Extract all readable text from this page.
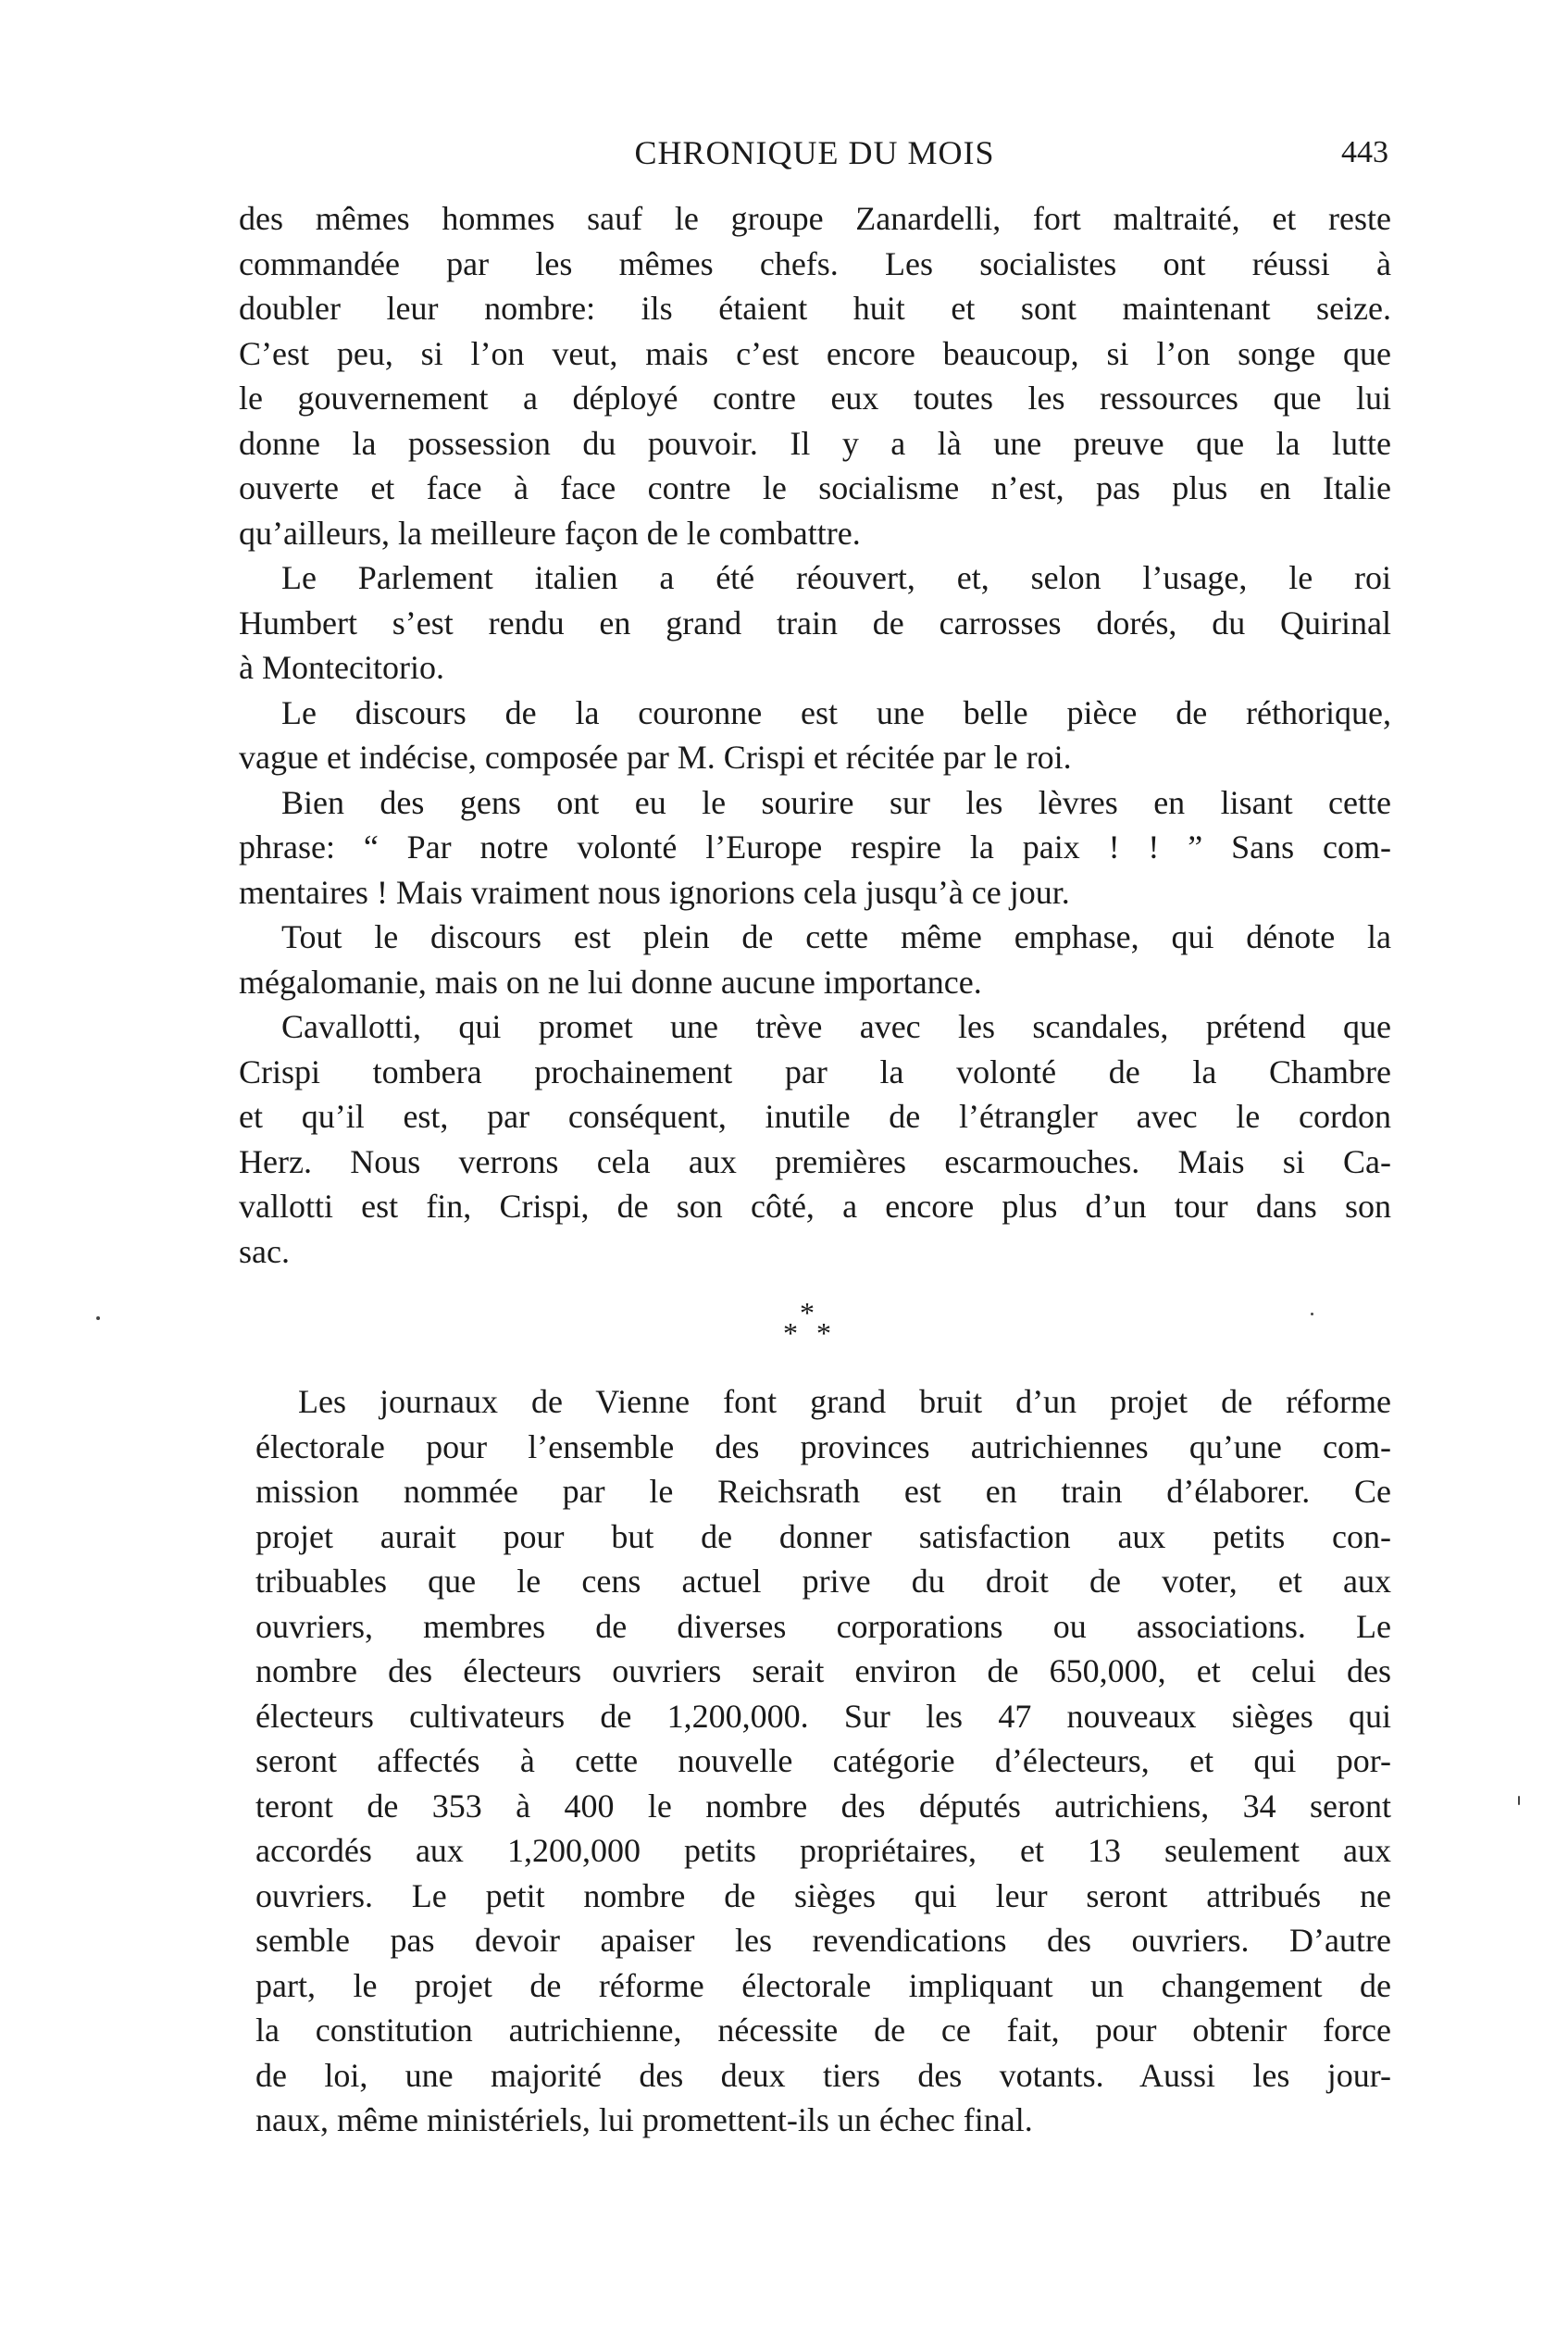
CHRONIQUE DU MOIS	443
des mêmes hommes sauf le groupe Zanardelli, fort maltraité, et reste
commandée par les mêmes chefs. Les socialistes ont réussi à
doubler leur nombre: ils étaient huit et sont maintenant seize.
C’est peu, si l’on veut, mais c’est encore beaucoup, si l’on songe que
le gouvernement a déployé contre eux toutes les ressources que lui
donne la possession du pouvoir. Il y a là une preuve que la lutte
ouverte et face à face contre le socialisme n’est, pas plus en Italie
qu’ailleurs, la meilleure façon de le combattre.
Le Parlement italien a été réouvert, et, selon l’usage, le roi
Humbert s’est rendu en grand train de carrosses dorés, du Quirinal
à Montecitorio.
Le discours de la couronne est une belle pièce de réthorique,
vague et indécise, composée par M. Crispi et récitée par le roi.
Bien des gens ont eu le sourire sur les lèvres en lisant cette
phrase: “ Par notre volonté l’Europe respire la paix ! ! ” Sans com-
mentaires ! Mais vraiment nous ignorions cela jusqu’à ce jour.
Tout le discours est plein de cette même emphase, qui dénote la
mégalomanie, mais on ne lui donne aucune importance.
Cavallotti, qui promet une trève avec les scandales, prétend que
Crispi tombera prochainement par la volonté de la Chambre
et qu’il est, par conséquent, inutile de l’étrangler avec le cordon
Herz. Nous verrons cela aux premières escarmouches. Mais si Ca-
vallotti est fin, Crispi, de son côté, a encore plus d’un tour dans son
sac.
*
* *
Les journaux de Vienne font grand bruit d’un projet de réforme
électorale pour l’ensemble des provinces autrichiennes qu’une com-
mission nommée par le Reichsrath est en train d’élaborer. Ce
projet aurait pour but de donner satisfaction aux petits con-
tribuables que le cens actuel prive du droit de voter, et aux
ouvriers, membres de diverses corporations ou associations. Le
nombre des électeurs ouvriers serait environ de 650,000, et celui des
électeurs cultivateurs de 1,200,000. Sur les 47 nouveaux sièges qui
seront affectés à cette nouvelle catégorie d’électeurs, et qui por-
teront de 353 à 400 le nombre des députés autrichiens, 34 seront
accordés aux 1,200,000 petits propriétaires, et 13 seulement aux
ouvriers. Le petit nombre de sièges qui leur seront attribués ne
semble pas devoir apaiser les revendications des ouvriers. D’autre
part, le projet de réforme électorale impliquant un changement de
la constitution autrichienne, nécessite de ce fait, pour obtenir force
de loi, une majorité des deux tiers des votants. Aussi les jour-
naux, même ministériels, lui promettent-ils un échec final.
